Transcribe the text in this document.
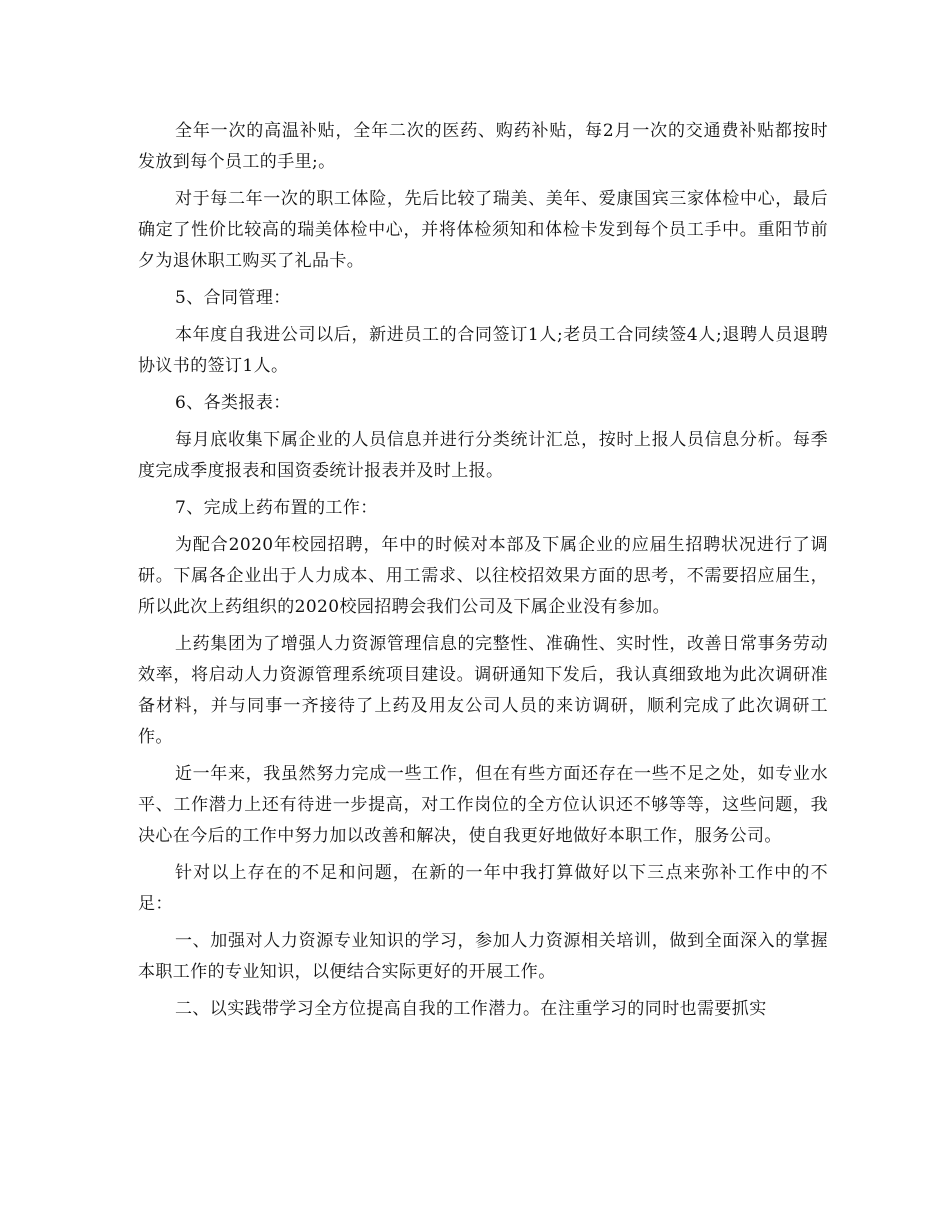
全年一次的高温补贴，全年二次的医药、购药补贴，每2月一次的交通费补贴都按时发放到每个员工的手里;。

对于每二年一次的职工体险，先后比较了瑞美、美年、爱康国宾三家体检中心，最后确定了性价比较高的瑞美体检中心，并将体检须知和体检卡发到每个员工手中。重阳节前夕为退休职工购买了礼品卡。

5、合同管理：

本年度自我进公司以后，新进员工的合同签订1人;老员工合同续签4人;退聘人员退聘协议书的签订1人。

6、各类报表：

每月底收集下属企业的人员信息并进行分类统计汇总，按时上报人员信息分析。每季度完成季度报表和国资委统计报表并及时上报。

7、完成上药布置的工作：

为配合2020年校园招聘，年中的时候对本部及下属企业的应届生招聘状况进行了调研。下属各企业出于人力成本、用工需求、以往校招效果方面的思考，不需要招应届生，所以此次上药组织的2020校园招聘会我们公司及下属企业没有参加。

上药集团为了增强人力资源管理信息的完整性、准确性、实时性，改善日常事务劳动效率，将启动人力资源管理系统项目建设。调研通知下发后，我认真细致地为此次调研准备材料，并与同事一齐接待了上药及用友公司人员的来访调研，顺利完成了此次调研工作。

近一年来，我虽然努力完成一些工作，但在有些方面还存在一些不足之处，如专业水平、工作潜力上还有待进一步提高，对工作岗位的全方位认识还不够等等，这些问题，我决心在今后的工作中努力加以改善和解决，使自我更好地做好本职工作，服务公司。

针对以上存在的不足和问题，在新的一年中我打算做好以下三点来弥补工作中的不足：

一、加强对人力资源专业知识的学习，参加人力资源相关培训，做到全面深入的掌握本职工作的专业知识，以便结合实际更好的开展工作。

二、以实践带学习全方位提高自我的工作潜力。在注重学习的同时也需要抓实
